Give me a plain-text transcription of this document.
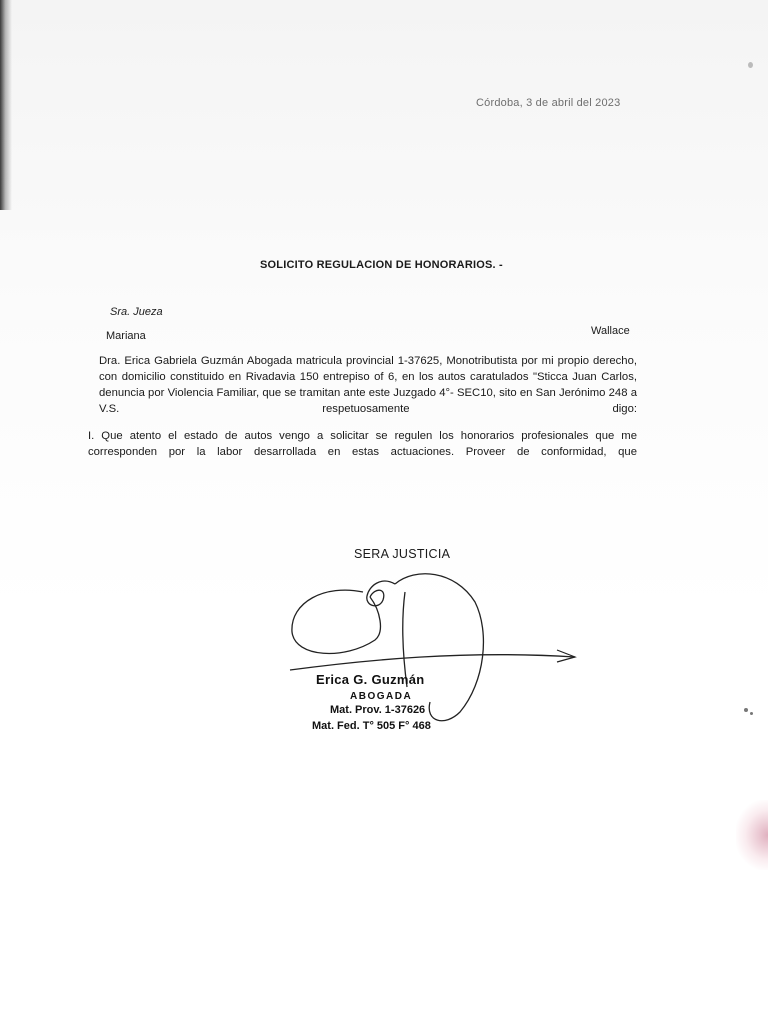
Córdoba, 3 de abril del 2023
SOLICITO REGULACION DE HONORARIOS. -
Sra. Jueza
Mariana	Wallace
Dra. Erica Gabriela Guzmán Abogada matricula provincial 1-37625, Monotributista por mi propio derecho, con domicilio constituido en Rivadavia 150 entrepiso of 6, en los autos caratulados "Sticca Juan Carlos, denuncia por Violencia Familiar, que se tramitan ante este Juzgado 4°- SEC10, sito en San Jerónimo 248 a V.S. respetuosamente digo:
I. Que atento el estado de autos vengo a solicitar se regulen los honorarios profesionales que me corresponden por la labor desarrollada en estas actuaciones. Proveer de conformidad, que
SERA JUSTICIA
Erica G. Guzmán
ABOGADA
Mat. Prov. 1-37626
Mat. Fed. T° 505 F° 468
